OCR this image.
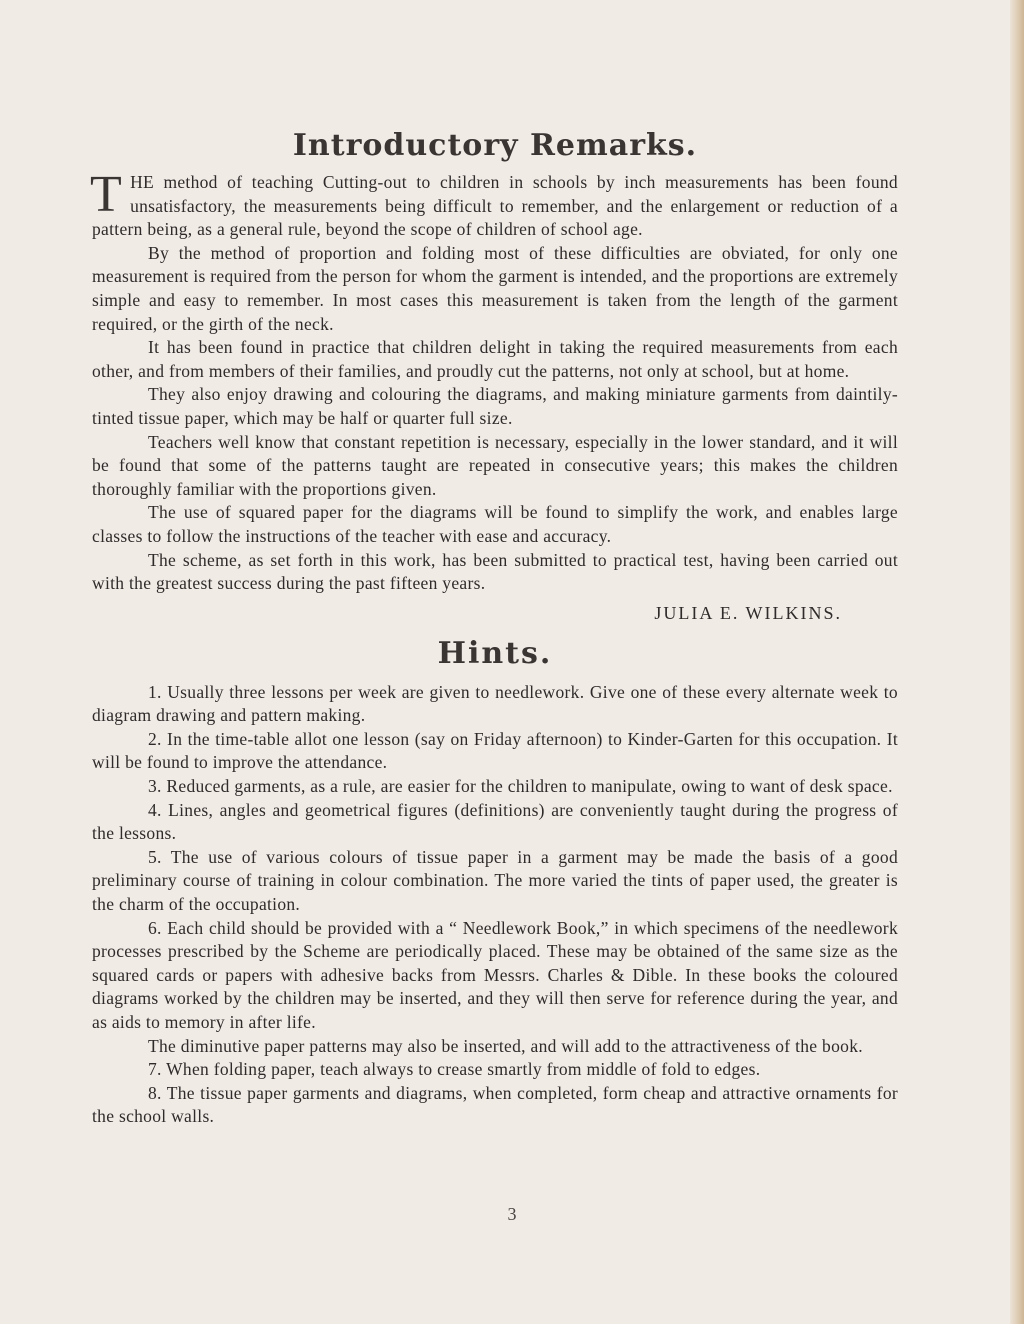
Introductory Remarks.

THE method of teaching Cutting-out to children in schools by inch measurements has been found unsatisfactory, the measurements being difficult to remember, and the enlargement or reduction of a pattern being, as a general rule, beyond the scope of children of school age.

By the method of proportion and folding most of these difficulties are obviated, for only one measurement is required from the person for whom the garment is intended, and the proportions are extremely simple and easy to remember. In most cases this measurement is taken from the length of the garment required, or the girth of the neck.

It has been found in practice that children delight in taking the required measurements from each other, and from members of their families, and proudly cut the patterns, not only at school, but at home.

They also enjoy drawing and colouring the diagrams, and making miniature garments from daintily-tinted tissue paper, which may be half or quarter full size.

Teachers well know that constant repetition is necessary, especially in the lower standard, and it will be found that some of the patterns taught are repeated in consecutive years; this makes the children thoroughly familiar with the proportions given.

The use of squared paper for the diagrams will be found to simplify the work, and enables large classes to follow the instructions of the teacher with ease and accuracy.

The scheme, as set forth in this work, has been submitted to practical test, having been carried out with the greatest success during the past fifteen years.

JULIA E. WILKINS.
Hints.

1. Usually three lessons per week are given to needlework. Give one of these every alternate week to diagram drawing and pattern making.

2. In the time-table allot one lesson (say on Friday afternoon) to Kinder-Garten for this occupation. It will be found to improve the attendance.

3. Reduced garments, as a rule, are easier for the children to manipulate, owing to want of desk space.

4. Lines, angles and geometrical figures (definitions) are conveniently taught during the progress of the lessons.

5. The use of various colours of tissue paper in a garment may be made the basis of a good preliminary course of training in colour combination. The more varied the tints of paper used, the greater is the charm of the occupation.

6. Each child should be provided with a “ Needlework Book,” in which specimens of the needlework processes prescribed by the Scheme are periodically placed. These may be obtained of the same size as the squared cards or papers with adhesive backs from Messrs. Charles & Dible. In these books the coloured diagrams worked by the children may be inserted, and they will then serve for reference during the year, and as aids to memory in after life.

The diminutive paper patterns may also be inserted, and will add to the attractiveness of the book.

7. When folding paper, teach always to crease smartly from middle of fold to edges.

8. The tissue paper garments and diagrams, when completed, form cheap and attractive ornaments for the school walls.

3
